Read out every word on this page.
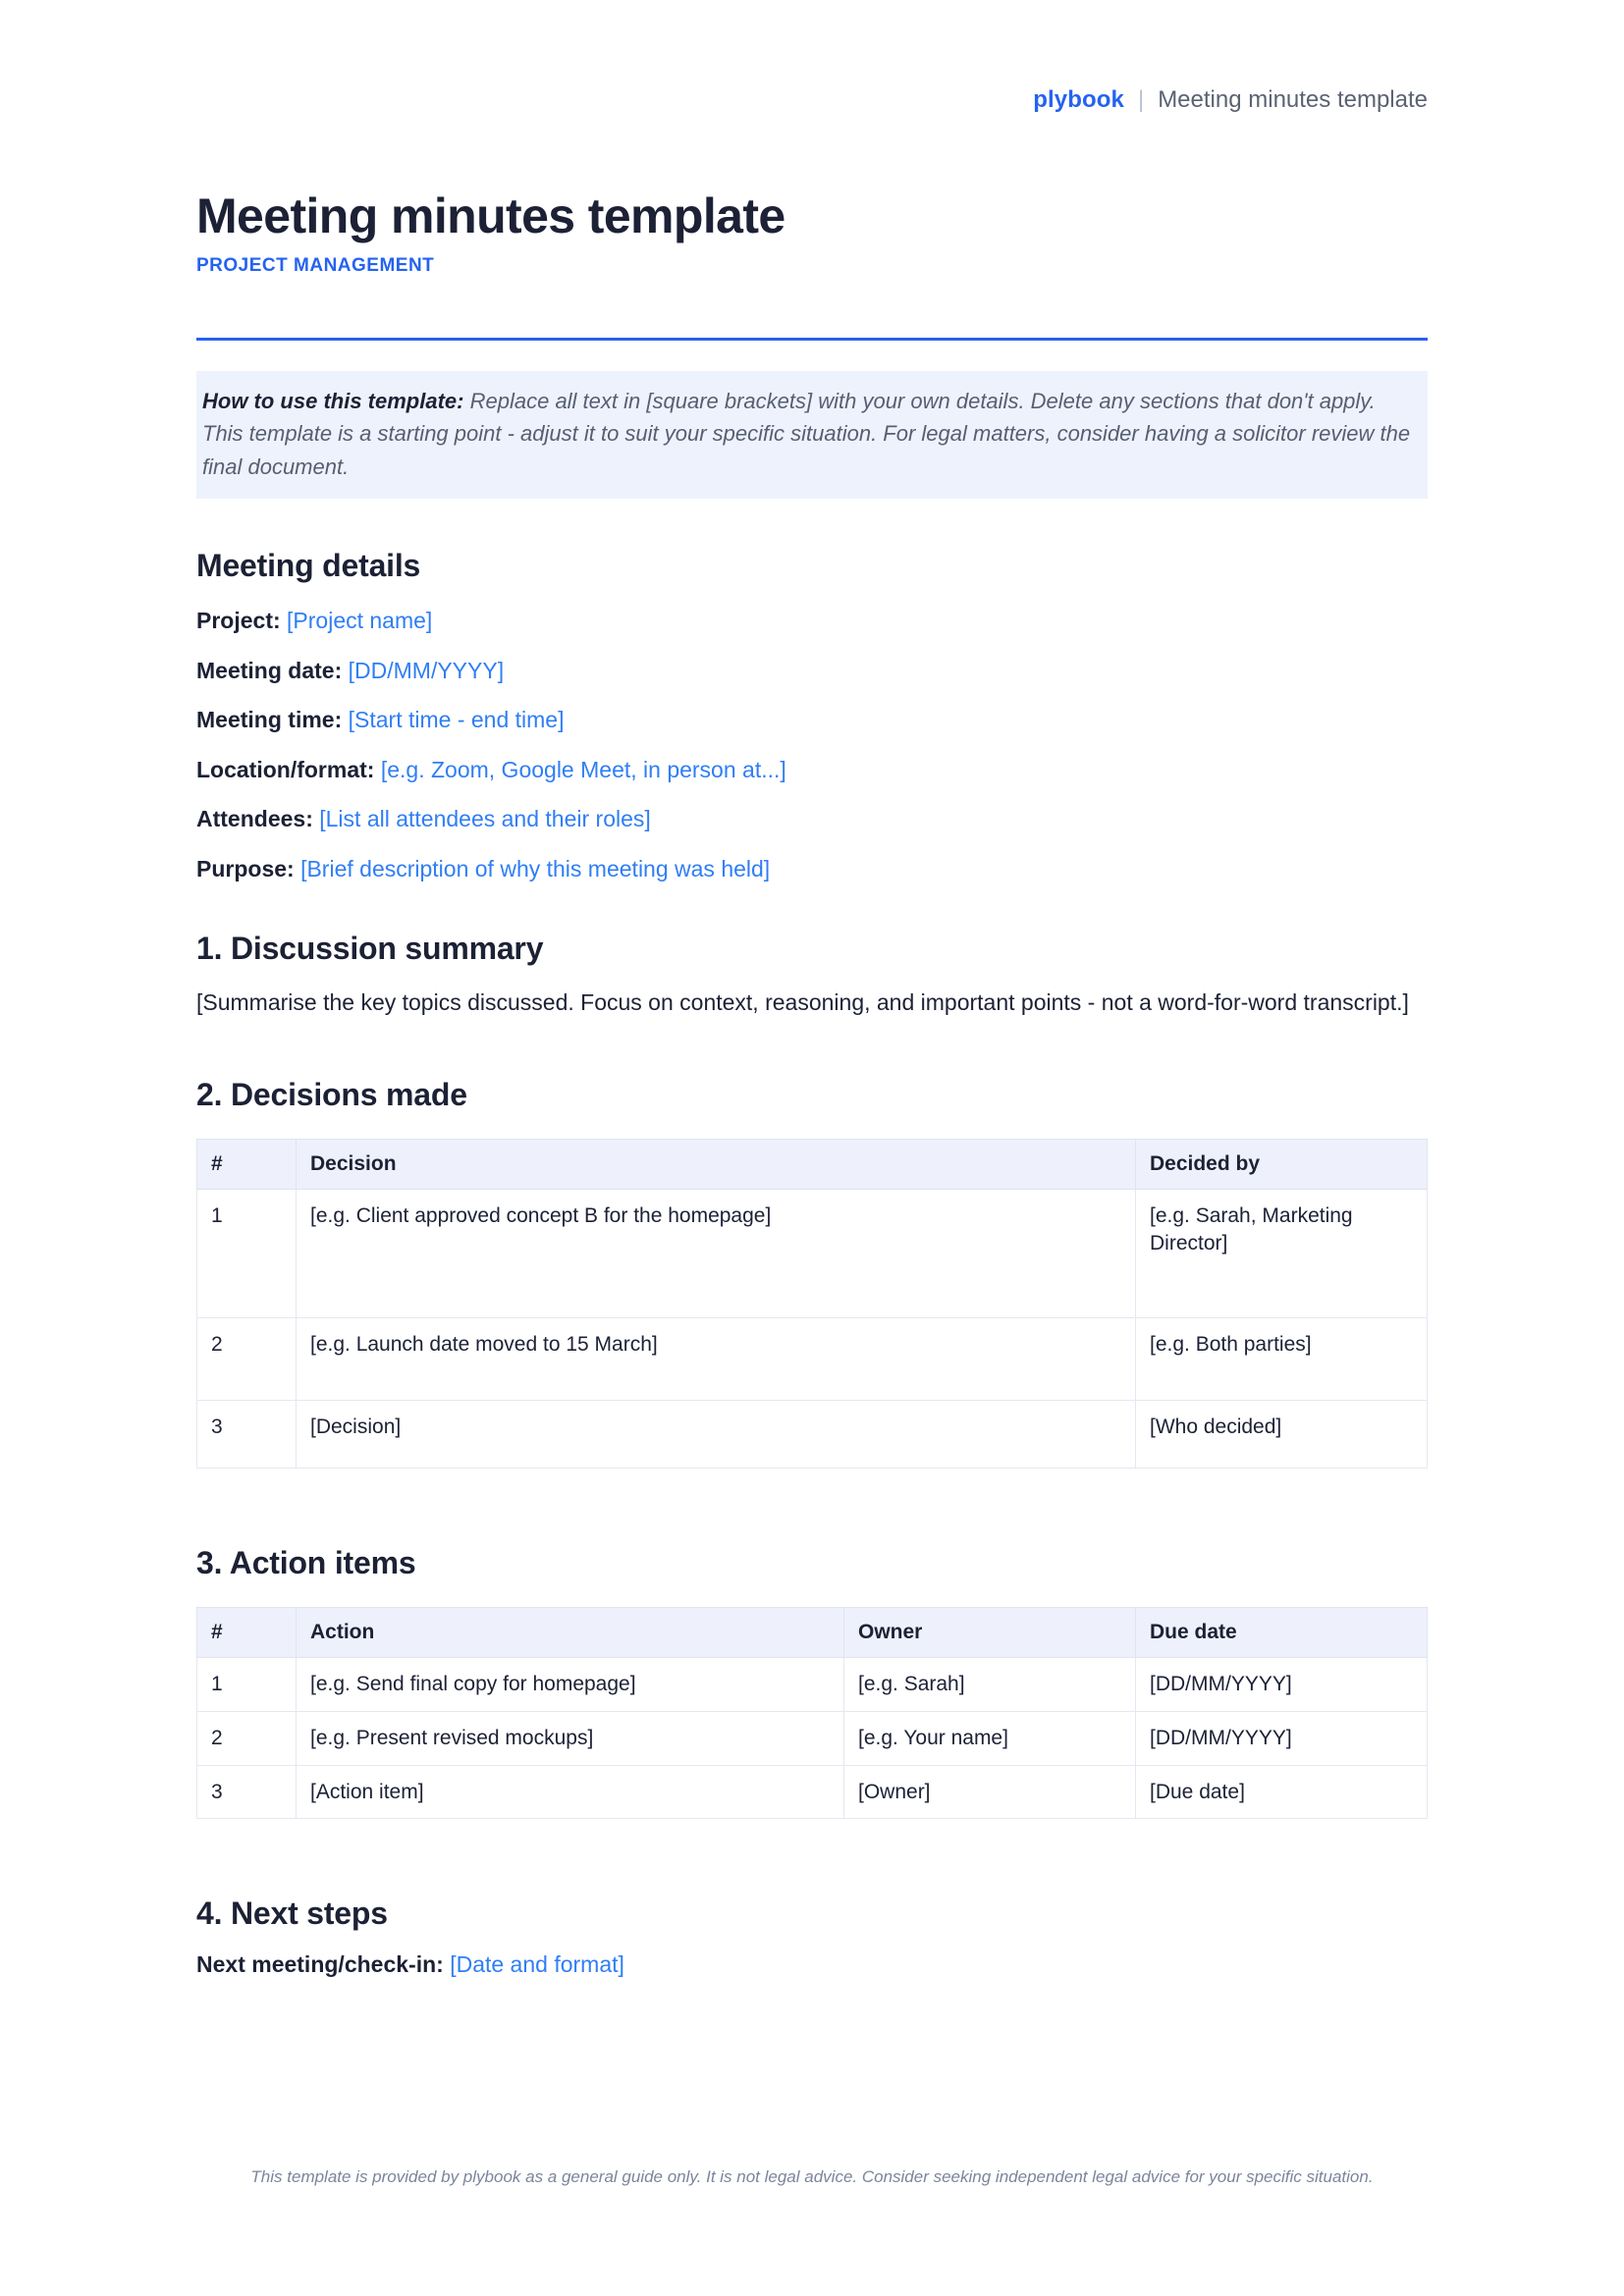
plybook | Meeting minutes template
Meeting minutes template
PROJECT MANAGEMENT
How to use this template: Replace all text in [square brackets] with your own details. Delete any sections that don't apply. This template is a starting point - adjust it to suit your specific situation. For legal matters, consider having a solicitor review the final document.
Meeting details
Project: [Project name]
Meeting date: [DD/MM/YYYY]
Meeting time: [Start time - end time]
Location/format: [e.g. Zoom, Google Meet, in person at...]
Attendees: [List all attendees and their roles]
Purpose: [Brief description of why this meeting was held]
1. Discussion summary

[Summarise the key topics discussed. Focus on context, reasoning, and important points - not a word-for-word transcript.]

2. Decisions made
#	Decision	Decided by
1	[e.g. Client approved concept B for the homepage]	[e.g. Sarah, Marketing Director]
2	[e.g. Launch date moved to 15 March]	[e.g. Both parties]
3	[Decision]	[Who decided]
3. Action items
#	Action	Owner	Due date
1	[e.g. Send final copy for homepage]	[e.g. Sarah]	[DD/MM/YYYY]
2	[e.g. Present revised mockups]	[e.g. Your name]	[DD/MM/YYYY]
3	[Action item]	[Owner]	[Due date]
4. Next steps
Next meeting/check-in: [Date and format]
This template is provided by plybook as a general guide only. It is not legal advice. Consider seeking independent legal advice for your specific situation.
